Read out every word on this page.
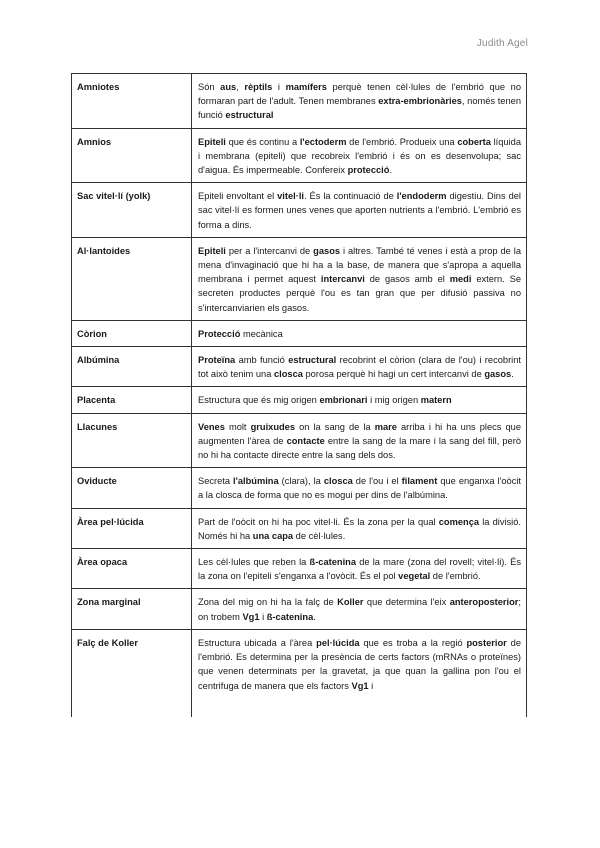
Judith Agel
Amniotes	Són aus, rèptils i mamífers perquè tenen cèl·lules de l'embrió que no formaran part de l'adult. Tenen membranes extra-embrionàries, només tenen funció estructural
Amnios	Epiteli que és continu a l'ectoderm de l'embrió. Produeix una coberta líquida i membrana (epiteli) que recobreix l'embrió i és on es desenvolupa; sac d'aigua. És impermeable. Confereix protecció.
Sac vitel·lí (yolk)	Epiteli envoltant el vitel·li. És la continuació de l'endoderm digestiu. Dins del sac vitel·lí es formen unes venes que aporten nutrients a l'embrió. L'embrió es forma a dins.
Al·lantoides	Epiteli per a l'intercanvi de gasos i altres. També té venes i està a prop de la mena d'invaginació que hi ha a la base, de manera que s'apropa a aquella membrana i permet aquest intercanvi de gasos amb el medi extern. Se secreten productes perquè l'ou es tan gran que per difusió passiva no s'intercanviarien els gasos.
Còrion	Protecció mecànica
Albúmina	Proteïna amb funció estructural recobrint el còrion (clara de l'ou) i recobrint tot això tenim una closca porosa perquè hi hagi un cert intercanvi de gasos.
Placenta	Estructura que és mig origen embrionari i mig origen matern
Llacunes	Venes molt gruixudes on la sang de la mare arriba i hi ha uns plecs que augmenten l'àrea de contacte entre la sang de la mare i la sang del fill, però no hi ha contacte directe entre la sang dels dos.
Oviducte	Secreta l'albúmina (clara), la closca de l'ou i el filament que enganxa l'oòcit a la closca de forma que no es mogui per dins de l'albúmina.
Àrea pel·lúcida	Part de l'oòcit on hi ha poc vitel·li. És la zona per la qual comença la divisió. Només hi ha una capa de cèl·lules.
Àrea opaca	Les cèl·lules que reben la ß-catenina de la mare (zona del rovell; vitel·li). És la zona on l'epiteli s'enganxa a l'ovòcit. És el pol vegetal de l'embrió.
Zona marginal	Zona del mig on hi ha la falç de Koller que determina l'eix anteroposterior; on trobem Vg1 i ß-catenina.
Falç de Koller	Estructura ubicada a l'àrea pel·lúcida que es troba a la regió posterior de l'embrió. Es determina per la presència de certs factors (mRNAs o proteïnes) que venen determinats per la gravetat, ja que quan la gallina pon l'ou el centrifuga de manera que els factors Vg1 i
